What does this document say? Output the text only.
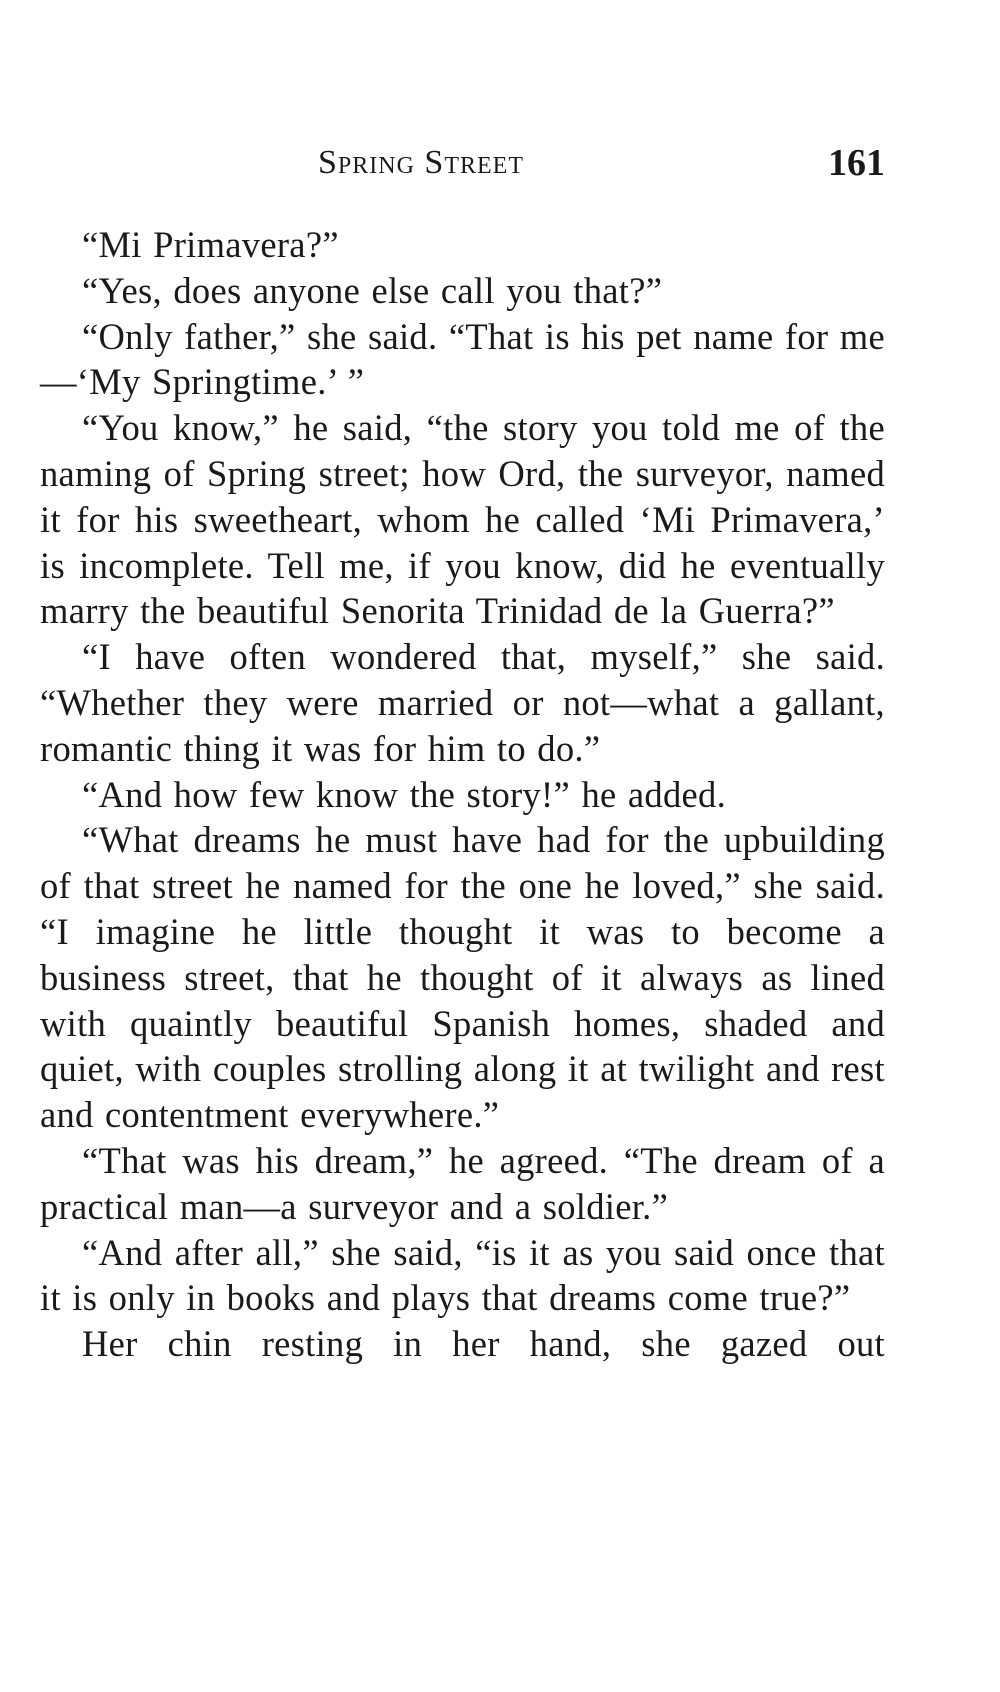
Spring Street	161

“Mi Primavera?”

“Yes, does anyone else call you that?”

“Only father,” she said. “That is his pet name for me—‘My Springtime.’ ”

“You know,” he said, “the story you told me of the naming of Spring street; how Ord, the surveyor, named it for his sweetheart, whom he called ‘Mi Primavera,’ is incomplete. Tell me, if you know, did he eventually marry the beautiful Senorita Trinidad de la Guerra?”

“I have often wondered that, myself,” she said. “Whether they were married or not—what a gallant, romantic thing it was for him to do.”

“And how few know the story!” he added.

“What dreams he must have had for the upbuilding of that street he named for the one he loved,” she said. “I imagine he little thought it was to become a business street, that he thought of it always as lined with quaintly beautiful Spanish homes, shaded and quiet, with couples strolling along it at twilight and rest and contentment everywhere.”

“That was his dream,” he agreed. “The dream of a practical man—a surveyor and a soldier.”

“And after all,” she said, “is it as you said once that it is only in books and plays that dreams come true?”

Her chin resting in her hand, she gazed out
